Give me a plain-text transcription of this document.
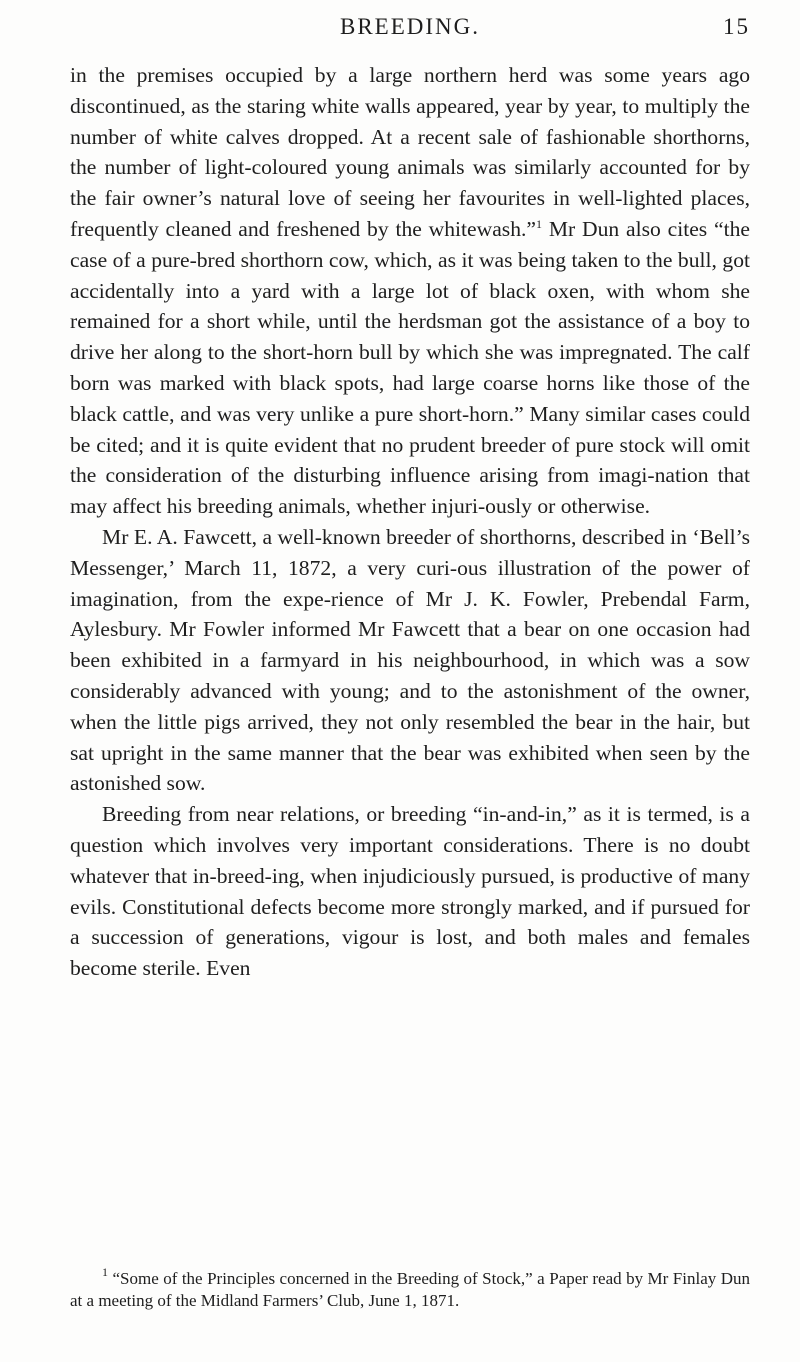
BREEDING.	15

in the premises occupied by a large northern herd was some years ago discontinued, as the staring white walls appeared, year by year, to multiply the number of white calves dropped. At a recent sale of fashionable shorthorns, the number of light-coloured young animals was similarly accounted for by the fair owner’s natural love of seeing her favourites in well-lighted places, frequently cleaned and freshened by the whitewash.”$^1$ Mr Dun also cites “the case of a pure-bred shorthorn cow, which, as it was being taken to the bull, got accidentally into a yard with a large lot of black oxen, with whom she remained for a short while, until the herdsman got the assistance of a boy to drive her along to the short-horn bull by which she was impregnated. The calf born was marked with black spots, had large coarse horns like those of the black cattle, and was very unlike a pure short-horn.” Many similar cases could be cited; and it is quite evident that no prudent breeder of pure stock will omit the consideration of the disturbing influence arising from imagi-nation that may affect his breeding animals, whether injuri-ously or otherwise.

Mr E. A. Fawcett, a well-known breeder of shorthorns, described in ‘Bell’s Messenger,’ March 11, 1872, a very curi-ous illustration of the power of imagination, from the expe-rience of Mr J. K. Fowler, Prebendal Farm, Aylesbury. Mr Fowler informed Mr Fawcett that a bear on one occasion had been exhibited in a farmyard in his neighbourhood, in which was a sow considerably advanced with young; and to the astonishment of the owner, when the little pigs arrived, they not only resembled the bear in the hair, but sat upright in the same manner that the bear was exhibited when seen by the astonished sow.

Breeding from near relations, or breeding “in-and-in,” as it is termed, is a question which involves very important considerations. There is no doubt whatever that in-breed-ing, when injudiciously pursued, is productive of many evils. Constitutional defects become more strongly marked, and if pursued for a succession of generations, vigour is lost, and both males and females become sterile. Even

$^1$ “Some of the Principles concerned in the Breeding of Stock,” a Paper read by Mr Finlay Dun at a meeting of the Midland Farmers’ Club, June 1, 1871.
